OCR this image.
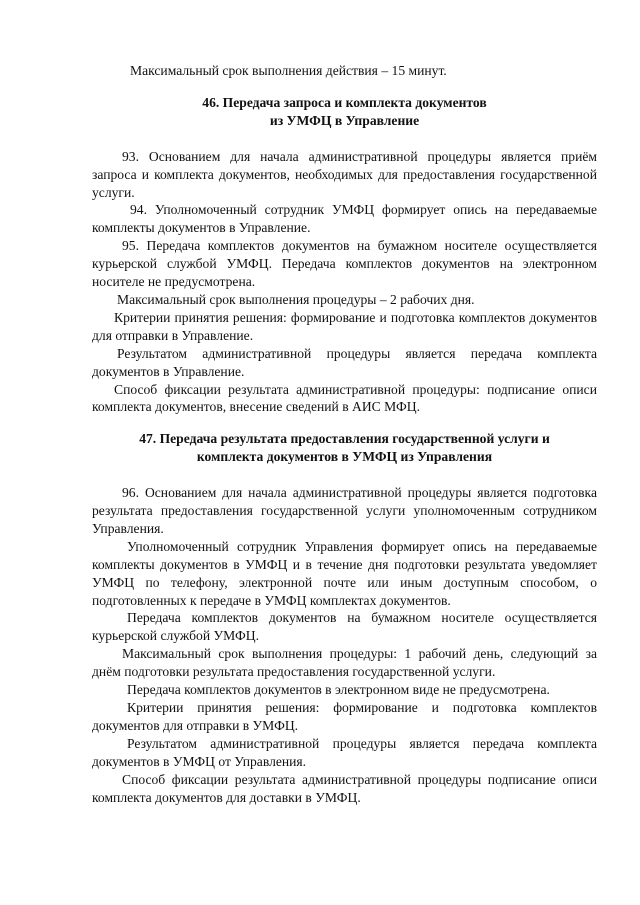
Максимальный срок выполнения действия – 15 минут.
46. Передача запроса и комплекта документов
из УМФЦ в Управление

93. Основанием для начала административной процедуры является приём запроса и комплекта документов, необходимых для предоставления государственной услуги.

94. Уполномоченный сотрудник УМФЦ формирует опись на передаваемые комплекты документов в Управление.

95. Передача комплектов документов на бумажном носителе осуществляется курьерской службой УМФЦ. Передача комплектов документов на электронном носителе не предусмотрена.

Максимальный срок выполнения процедуры – 2 рабочих дня.

Критерии принятия решения: формирование и подготовка комплектов документов для отправки в Управление.

Результатом административной процедуры является передача комплекта документов в Управление.

Способ фиксации результата административной процедуры: подписание описи комплекта документов, внесение сведений в АИС МФЦ.

47. Передача результата предоставления государственной услуги и
комплекта документов в УМФЦ из Управления

96. Основанием для начала административной процедуры является подготовка результата предоставления государственной услуги уполномоченным сотрудником Управления.

Уполномоченный сотрудник Управления формирует опись на передаваемые комплекты документов в УМФЦ и в течение дня подготовки результата уведомляет УМФЦ по телефону, электронной почте или иным доступным способом, о подготовленных к передаче в УМФЦ комплектах документов.

Передача комплектов документов на бумажном носителе осуществляется курьерской службой УМФЦ.

Максимальный срок выполнения процедуры: 1 рабочий день, следующий за днём подготовки результата предоставления государственной услуги.

Передача комплектов документов в электронном виде не предусмотрена.

Критерии принятия решения: формирование и подготовка комплектов документов для отправки в УМФЦ.

Результатом административной процедуры является передача комплекта документов в УМФЦ от Управления.

Способ фиксации результата административной процедуры подписание описи комплекта документов для доставки в УМФЦ.
